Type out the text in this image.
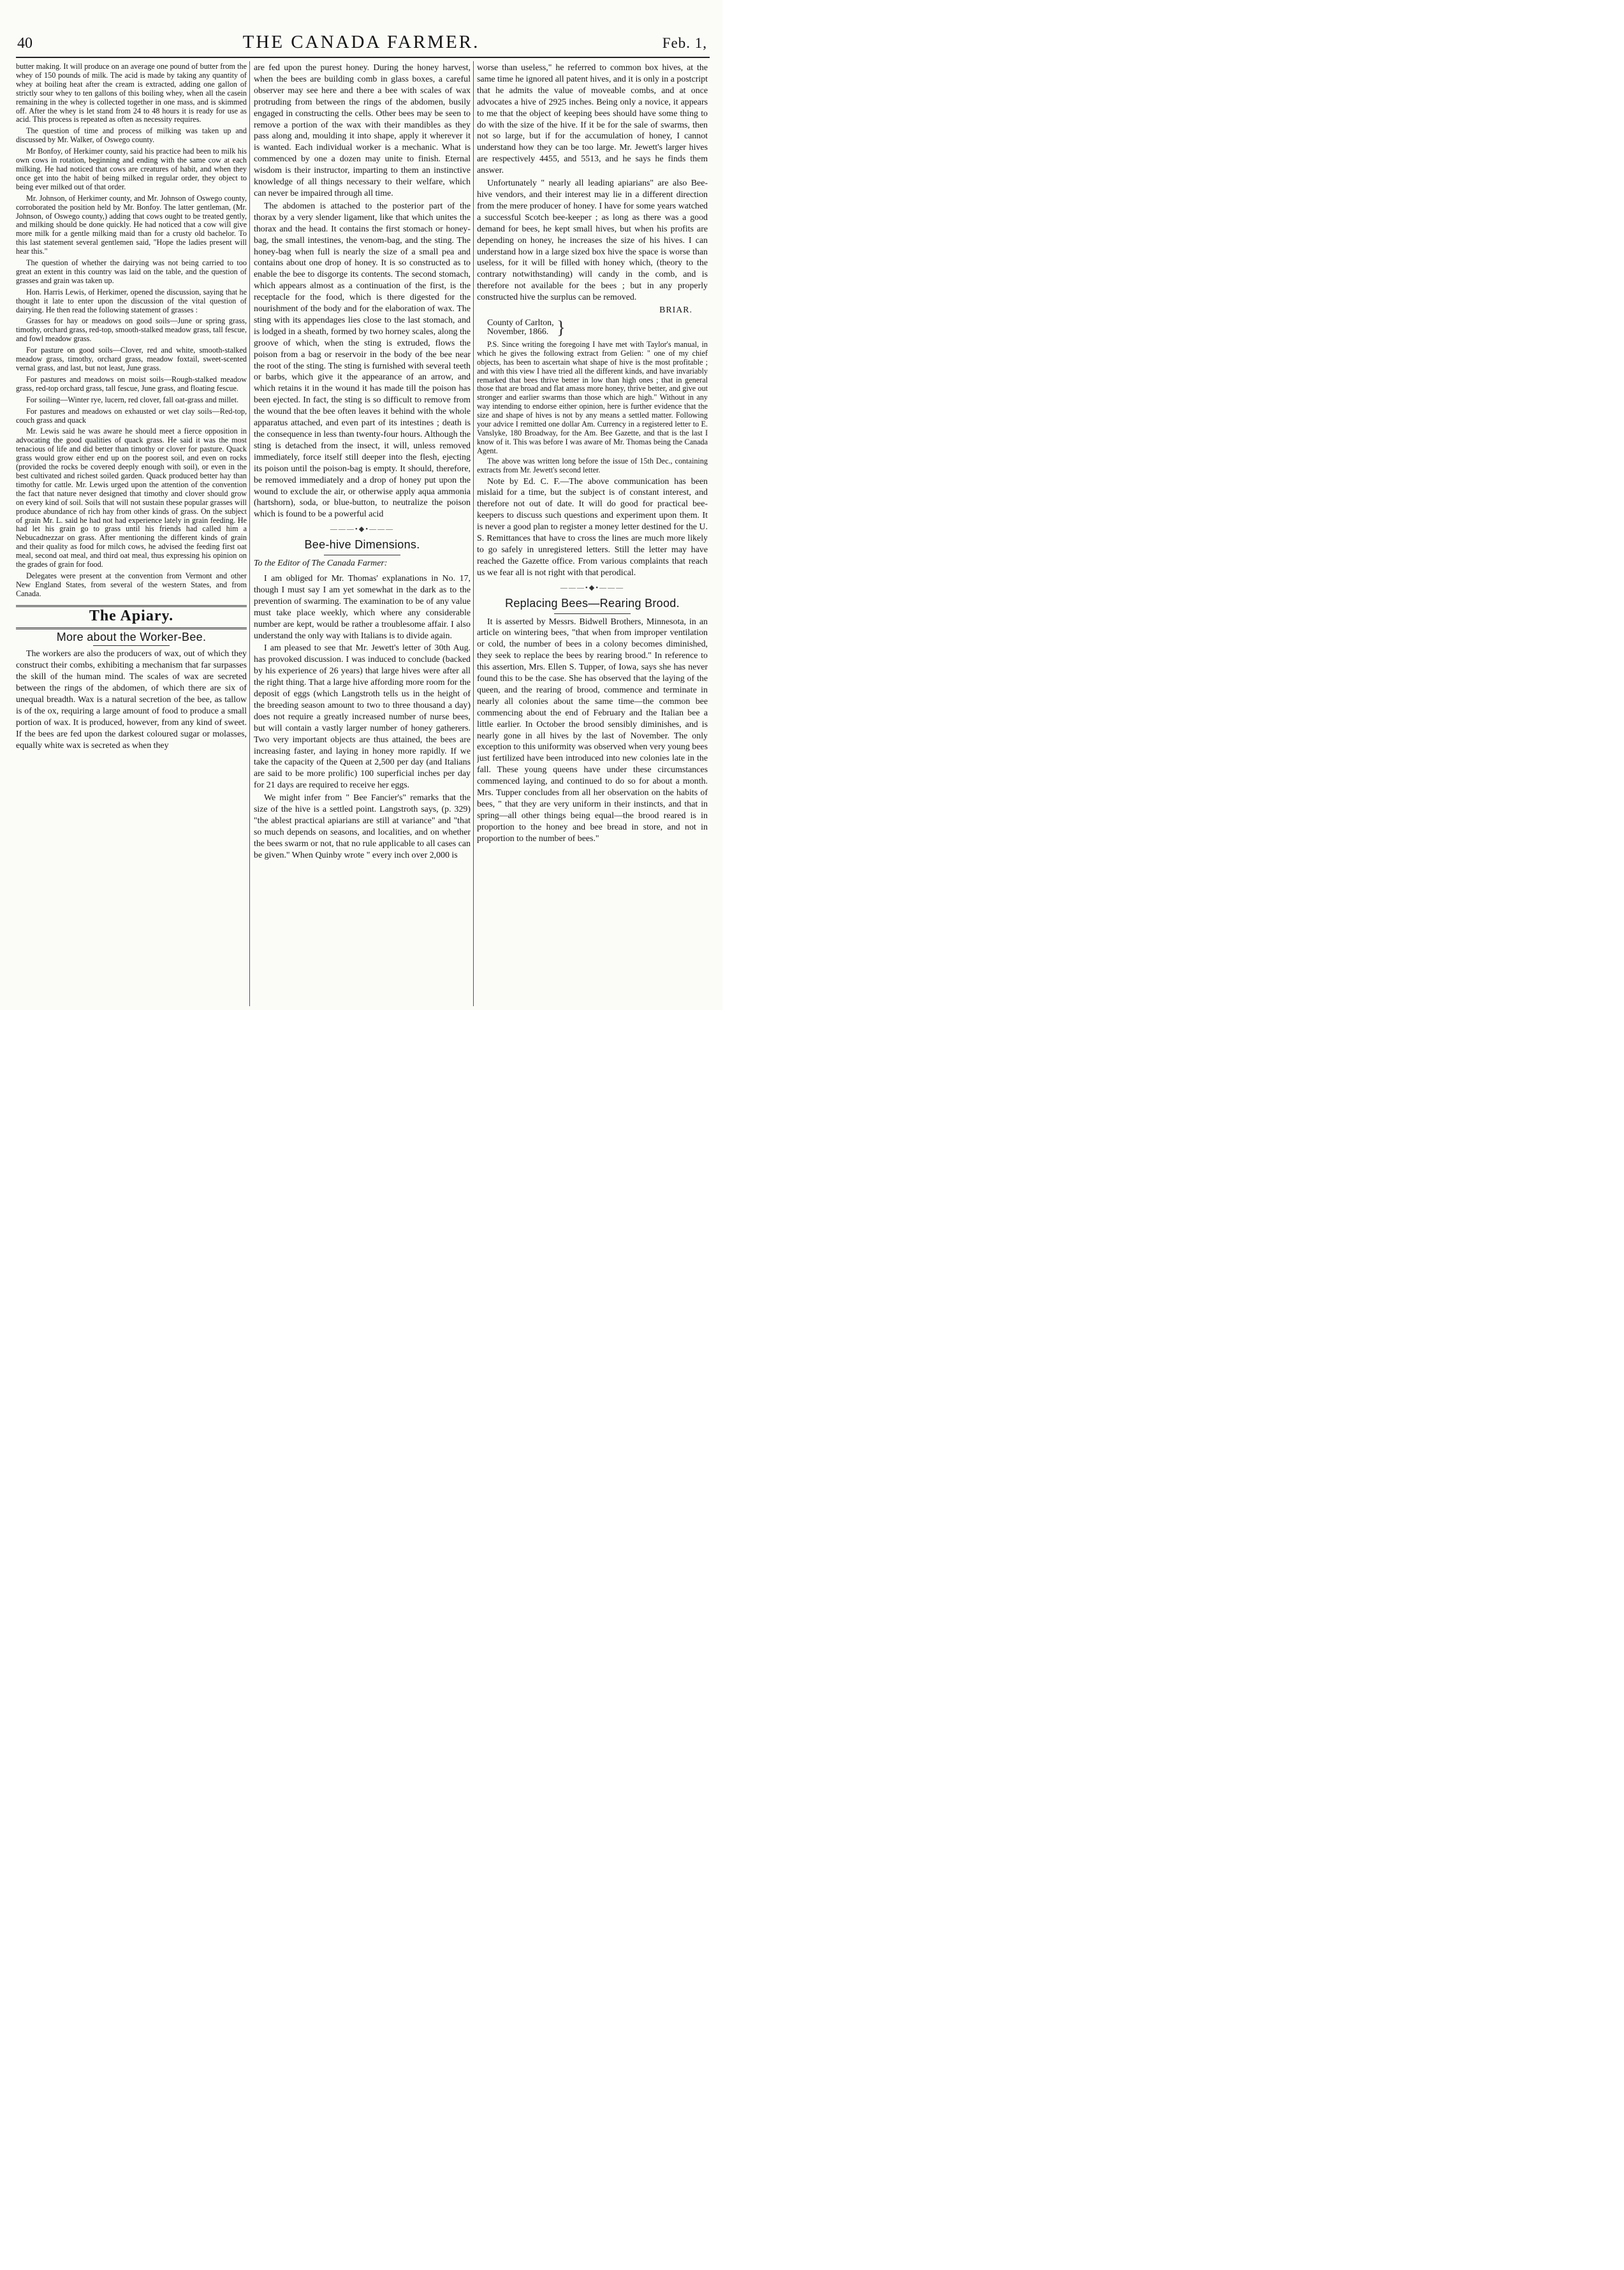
40	THE CANADA FARMER.	Feb. 1,

butter making. It will produce on an average one pound of butter from the whey of 150 pounds of milk. The acid is made by taking any quantity of whey at boiling heat after the cream is extracted, adding one gallon of strictly sour whey to ten gallons of this boiling whey, when all the casein remaining in the whey is collected together in one mass, and is skimmed off. After the whey is let stand from 24 to 48 hours it is ready for use as acid. This process is repeated as often as necessity requires.

The question of time and process of milking was taken up and discussed by Mr. Walker, of Oswego county.

Mr Bonfoy, of Herkimer county, said his practice had been to milk his own cows in rotation, beginning and ending with the same cow at each milking. He had noticed that cows are creatures of habit, and when they once get into the habit of being milked in regular order, they object to being ever milked out of that order.

Mr. Johnson, of Herkimer county, and Mr. Johnson of Oswego county, corroborated the position held by Mr. Bonfoy. The latter gentleman, (Mr. Johnson, of Oswego county,) adding that cows ought to be treated gently, and milking should be done quickly. He had noticed that a cow will give more milk for a gentle milking maid than for a crusty old bachelor. To this last statement several gentlemen said, "Hope the ladies present will hear this."

The question of whether the dairying was not being carried to too great an extent in this country was laid on the table, and the question of grasses and grain was taken up.

Hon. Harris Lewis, of Herkimer, opened the discussion, saying that he thought it late to enter upon the discussion of the vital question of dairying. He then read the following statement of grasses :

Grasses for hay or meadows on good soils—June or spring grass, timothy, orchard grass, red-top, smooth-stalked meadow grass, tall fescue, and fowl meadow grass.

For pasture on good soils—Clover, red and white, smooth-stalked meadow grass, timothy, orchard grass, meadow foxtail, sweet-scented vernal grass, and last, but not least, June grass.

For pastures and meadows on moist soils—Rough-stalked meadow grass, red-top orchard grass, tall fescue, June grass, and floating fescue.

For soiling—Winter rye, lucern, red clover, fall oat-grass and millet.

For pastures and meadows on exhausted or wet clay soils—Red-top, couch grass and quack

Mr. Lewis said he was aware he should meet a fierce opposition in advocating the good qualities of quack grass. He said it was the most tenacious of life and did better than timothy or clover for pasture. Quack grass would grow either end up on the poorest soil, and even on rocks (provided the rocks be covered deeply enough with soil), or even in the best cultivated and richest soiled garden. Quack produced better hay than timothy for cattle. Mr. Lewis urged upon the attention of the convention the fact that nature never designed that timothy and clover should grow on every kind of soil. Soils that will not sustain these popular grasses will produce abundance of rich hay from other kinds of grass. On the subject of grain Mr. L. said he had not had experience lately in grain feeding. He had let his grain go to grass until his friends had called him a Nebucadnezzar on grass. After mentioning the different kinds of grain and their quality as food for milch cows, he advised the feeding first oat meal, second oat meal, and third oat meal, thus expressing his opinion on the grades of grain for food.

Delegates were present at the convention from Vermont and other New England States, from several of the western States, and from Canada.

The Apiary.
More about the Worker-Bee.

The workers are also the producers of wax, out of which they construct their combs, exhibiting a mechanism that far surpasses the skill of the human mind. The scales of wax are secreted between the rings of the abdomen, of which there are six of unequal breadth. Wax is a natural secretion of the bee, as tallow is of the ox, requiring a large amount of food to produce a small portion of wax. It is produced, however, from any kind of sweet. If the bees are fed upon the darkest coloured sugar or molasses, equally white wax is secreted as when they

are fed upon the purest honey. During the honey harvest, when the bees are building comb in glass boxes, a careful observer may see here and there a bee with scales of wax protruding from between the rings of the abdomen, busily engaged in constructing the cells. Other bees may be seen to remove a portion of the wax with their mandibles as they pass along and, moulding it into shape, apply it wherever it is wanted. Each individual worker is a mechanic. What is commenced by one a dozen may unite to finish. Eternal wisdom is their instructor, imparting to them an instinctive knowledge of all things necessary to their welfare, which can never be impaired through all time.

The abdomen is attached to the posterior part of the thorax by a very slender ligament, like that which unites the thorax and the head. It contains the first stomach or honey-bag, the small intestines, the venom-bag, and the sting. The honey-bag when full is nearly the size of a small pea and contains about one drop of honey. It is so constructed as to enable the bee to disgorge its contents. The second stomach, which appears almost as a continuation of the first, is the receptacle for the food, which is there digested for the nourishment of the body and for the elaboration of wax. The sting with its appendages lies close to the last stomach, and is lodged in a sheath, formed by two horney scales, along the groove of which, when the sting is extruded, flows the poison from a bag or reservoir in the body of the bee near the root of the sting. The sting is furnished with several teeth or barbs, which give it the appearance of an arrow, and which retains it in the wound it has made till the poison has been ejected. In fact, the sting is so difficult to remove from the wound that the bee often leaves it behind with the whole apparatus attached, and even part of its intestines ; death is the consequence in less than twenty-four hours. Although the sting is detached from the insect, it will, unless removed immediately, force itself still deeper into the flesh, ejecting its poison until the poison-bag is empty. It should, therefore, be removed immediately and a drop of honey put upon the wound to exclude the air, or otherwise apply aqua ammonia (hartshorn), soda, or blue-button, to neutralize the poison which is found to be a powerful acid

———•◆•———
Bee-hive Dimensions.
To the Editor of The Canada Farmer:

I am obliged for Mr. Thomas' explanations in No. 17, though I must say I am yet somewhat in the dark as to the prevention of swarming. The examination to be of any value must take place weekly, which where any considerable number are kept, would be rather a troublesome affair. I also understand the only way with Italians is to divide again.

I am pleased to see that Mr. Jewett's letter of 30th Aug. has provoked discussion. I was induced to conclude (backed by his experience of 26 years) that large hives were after all the right thing. That a large hive affording more room for the deposit of eggs (which Langstroth tells us in the height of the breeding season amount to two to three thousand a day) does not require a greatly increased number of nurse bees, but will contain a vastly larger number of honey gatherers. Two very important objects are thus attained, the bees are increasing faster, and laying in honey more rapidly. If we take the capacity of the Queen at 2,500 per day (and Italians are said to be more prolific) 100 superficial inches per day for 21 days are required to receive her eggs.

We might infer from " Bee Fancier's" remarks that the size of the hive is a settled point. Langstroth says, (p. 329) "the ablest practical apiarians are still at variance" and "that so much depends on seasons, and localities, and on whether the bees swarm or not, that no rule applicable to all cases can be given." When Quinby wrote " every inch over 2,000 is

worse than useless," he referred to common box hives, at the same time he ignored all patent hives, and it is only in a postcript that he admits the value of moveable combs, and at once advocates a hive of 2925 inches. Being only a novice, it appears to me that the object of keeping bees should have some thing to do with the size of the hive. If it be for the sale of swarms, then not so large, but if for the accumulation of honey, I cannot understand how they can be too large. Mr. Jewett's larger hives are respectively 4455, and 5513, and he says he finds them answer.

Unfortunately " nearly all leading apiarians" are also Bee-hive vendors, and their interest may lie in a different direction from the mere producer of honey. I have for some years watched a successful Scotch bee-keeper ; as long as there was a good demand for bees, he kept small hives, but when his profits are depending on honey, he increases the size of his hives. I can understand how in a large sized box hive the space is worse than useless, for it will be filled with honey which, (theory to the contrary notwithstanding) will candy in the comb, and is therefore not available for the bees ; but in any properly constructed hive the surplus can be removed.

BRIAR.
County of Carlton,
November, 1866. }

P.S. Since writing the foregoing I have met with Taylor's manual, in which he gives the following extract from Gelien: " one of my chief objects, has been to ascertain what shape of hive is the most profitable ; and with this view I have tried all the different kinds, and have invariably remarked that bees thrive better in low than high ones ; that in general those that are broad and flat amass more honey, thrive better, and give out stronger and earlier swarms than those which are high." Without in any way intending to endorse either opinion, here is further evidence that the size and shape of hives is not by any means a settled matter. Following your advice I remitted one dollar Am. Currency in a registered letter to E. Vanslyke, 180 Broadway, for the Am. Bee Gazette, and that is the last I know of it. This was before I was aware of Mr. Thomas being the Canada Agent.

The above was written long before the issue of 15th Dec., containing extracts from Mr. Jewett's second letter.

Note by Ed. C. F.—The above communication has been mislaid for a time, but the subject is of constant interest, and therefore not out of date. It will do good for practical bee-keepers to discuss such questions and experiment upon them. It is never a good plan to register a money letter destined for the U. S. Remittances that have to cross the lines are much more likely to go safely in unregistered letters. Still the letter may have reached the Gazette office. From various complaints that reach us we fear all is not right with that perodical.

———•◆•———
Replacing Bees—Rearing Brood.

It is asserted by Messrs. Bidwell Brothers, Minnesota, in an article on wintering bees, "that when from improper ventilation or cold, the number of bees in a colony becomes diminished, they seek to replace the bees by rearing brood." In reference to this assertion, Mrs. Ellen S. Tupper, of Iowa, says she has never found this to be the case. She has observed that the laying of the queen, and the rearing of brood, commence and terminate in nearly all colonies about the same time—the common bee commencing about the end of February and the Italian bee a little earlier. In October the brood sensibly diminishes, and is nearly gone in all hives by the last of November. The only exception to this uniformity was observed when very young bees just fertilized have been introduced into new colonies late in the fall. These young queens have under these circumstances commenced laying, and continued to do so for about a month. Mrs. Tupper concludes from all her observation on the habits of bees, " that they are very uniform in their instincts, and that in spring—all other things being equal—the brood reared is in proportion to the honey and bee bread in store, and not in proportion to the number of bees."
